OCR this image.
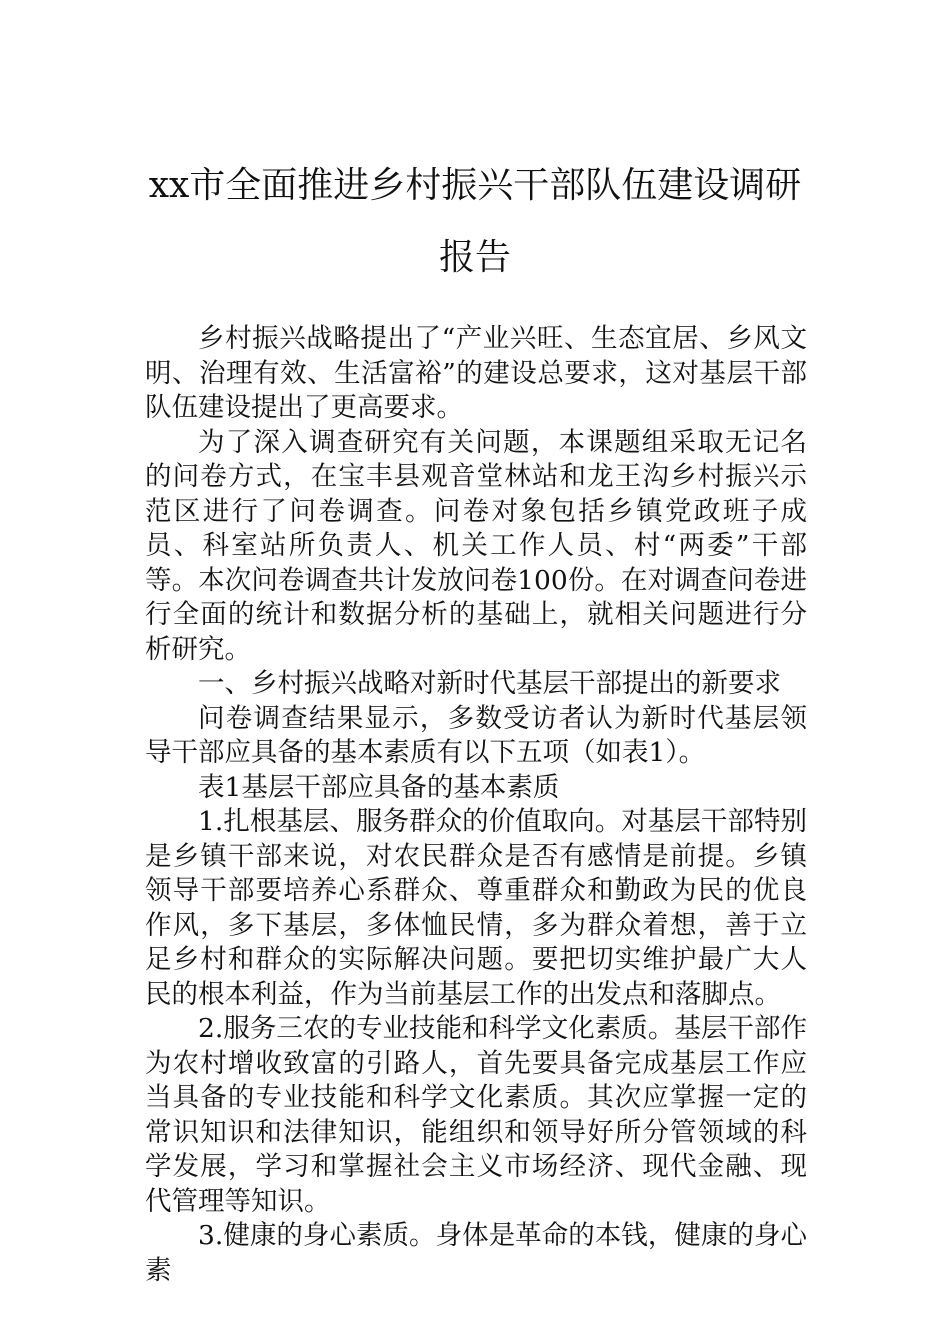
xx市全面推进乡村振兴干部队伍建设调研
报告

乡村振兴战略提出了“产业兴旺、生态宜居、乡风文明、治理有效、生活富裕”的建设总要求，这对基层干部队伍建设提出了更高要求。

为了深入调查研究有关问题，本课题组采取无记名的问卷方式，在宝丰县观音堂林站和龙王沟乡村振兴示范区进行了问卷调查。问卷对象包括乡镇党政班子成员、科室站所负责人、机关工作人员、村“两委”干部等。本次问卷调查共计发放问卷100份。在对调查问卷进行全面的统计和数据分析的基础上，就相关问题进行分析研究。

一、乡村振兴战略对新时代基层干部提出的新要求

问卷调查结果显示，多数受访者认为新时代基层领导干部应具备的基本素质有以下五项（如表1）。

表1基层干部应具备的基本素质

1.扎根基层、服务群众的价值取向。对基层干部特别是乡镇干部来说，对农民群众是否有感情是前提。乡镇领导干部要培养心系群众、尊重群众和勤政为民的优良作风，多下基层，多体恤民情，多为群众着想，善于立足乡村和群众的实际解决问题。要把切实维护最广大人民的根本利益，作为当前基层工作的出发点和落脚点。

2.服务三农的专业技能和科学文化素质。基层干部作为农村增收致富的引路人，首先要具备完成基层工作应当具备的专业技能和科学文化素质。其次应掌握一定的常识知识和法律知识，能组织和领导好所分管领域的科学发展，学习和掌握社会主义市场经济、现代金融、现代管理等知识。

3.健康的身心素质。身体是革命的本钱，健康的身心素
